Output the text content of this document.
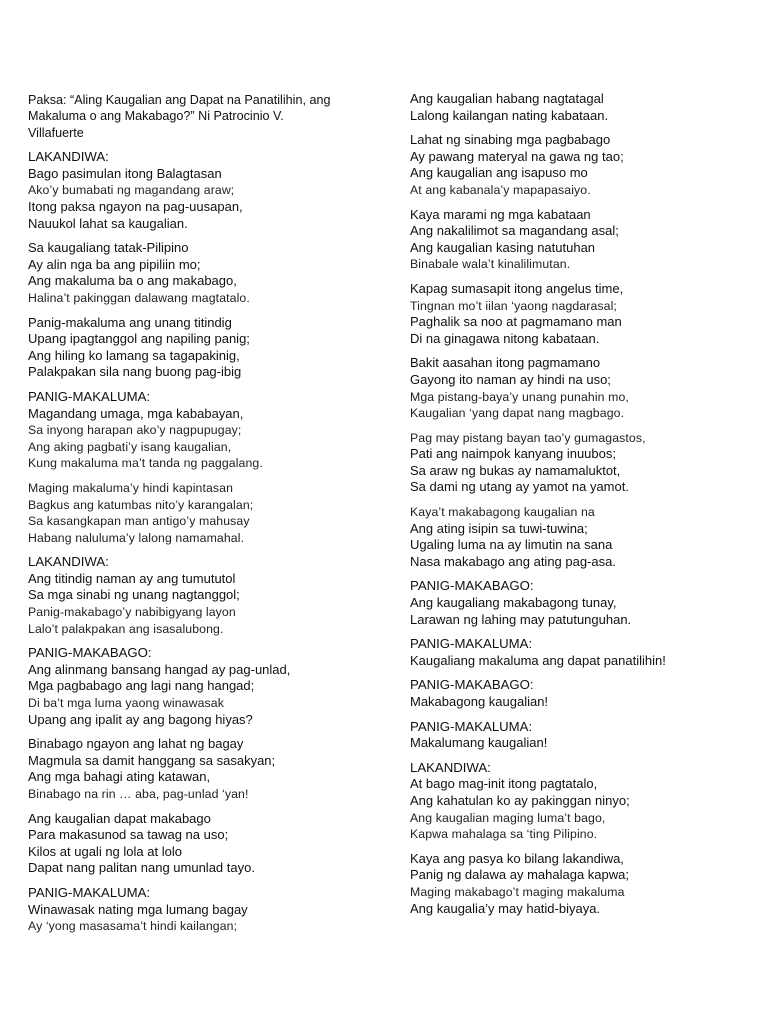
Paksa: “Aling Kaugalian ang Dapat na Panatilihin, ang

Makaluma o ang Makabago?” Ni Patrocinio V.

Villafuerte

LAKANDIWA:

Bago pasimulan itong Balagtasan

Ako’y bumabati ng magandang araw;

Itong paksa ngayon na pag-uusapan,

Nauukol lahat sa kaugalian.

Sa kaugaliang tatak-Pilipino

Ay alin nga ba ang pipiliin mo;

Ang makaluma ba o ang makabago,

Halina’t pakinggan dalawang magtatalo.

Panig-makaluma ang unang titindig

Upang ipagtanggol ang napiling panig;

Ang hiling ko lamang sa tagapakinig,

Palakpakan sila nang buong pag-ibig

PANIG-MAKALUMA:

Magandang umaga, mga kababayan,

Sa inyong harapan ako’y nagpupugay;

Ang aking pagbati’y isang kaugalian,

Kung makaluma ma’t tanda ng paggalang.

Maging makaluma’y hindi kapintasan

Bagkus ang katumbas nito’y karangalan;

Sa kasangkapan man antigo’y mahusay

Habang naluluma’y lalong namamahal.

LAKANDIWA:

Ang titindig naman ay ang tumututol

Sa mga sinabi ng unang nagtanggol;

Panig-makabago’y nabibigyang layon

Lalo’t palakpakan ang isasalubong.

PANIG-MAKABAGO:

Ang alinmang bansang hangad ay pag-unlad,

Mga pagbabago ang lagi nang hangad;

Di ba’t mga luma yaong winawasak

Upang ang ipalit ay ang bagong hiyas?

Binabago ngayon ang lahat ng bagay

Magmula sa damit hanggang sa sasakyan;

Ang mga bahagi ating katawan,

Binabago na rin … aba, pag-unlad ‘yan!

Ang kaugalian dapat makabago

Para makasunod sa tawag na uso;

Kilos at ugali ng lola at lolo

Dapat nang palitan nang umunlad tayo.

PANIG-MAKALUMA:

Winawasak nating mga lumang bagay

Ay ‘yong masasama’t hindi kailangan;

Ang kaugalian habang nagtatagal

Lalong kailangan nating kabataan.

Lahat ng sinabing mga pagbabago

Ay pawang materyal na gawa ng tao;

Ang kaugalian ang isapuso mo

At ang kabanala’y mapapasaiyo.

Kaya marami ng mga kabataan

Ang nakalilimot sa magandang asal;

Ang kaugalian kasing natutuhan

Binabale wala’t kinalilimutan.

Kapag sumasapit itong angelus time,

Tingnan mo’t iilan ‘yaong nagdarasal;

Paghalik sa noo at pagmamano man

Di na ginagawa nitong kabataan.

Bakit aasahan itong pagmamano

Gayong ito naman ay hindi na uso;

Mga pistang-baya’y unang punahin mo,

Kaugalian ‘yang dapat nang magbago.

Pag may pistang bayan tao’y gumagastos,

Pati ang naimpok kanyang inuubos;

Sa araw ng bukas ay namamaluktot,

Sa dami ng utang ay yamot na yamot.

Kaya’t makabagong kaugalian na

Ang ating isipin sa tuwi-tuwina;

Ugaling luma na ay limutin na sana

Nasa makabago ang ating pag-asa.

PANIG-MAKABAGO:

Ang kaugaliang makabagong tunay,

Larawan ng lahing may patutunguhan.

PANIG-MAKALUMA:

Kaugaliang makaluma ang dapat panatilihin!

PANIG-MAKABAGO:

Makabagong kaugalian!

PANIG-MAKALUMA:

Makalumang kaugalian!

LAKANDIWA:

At bago mag-init itong pagtatalo,

Ang kahatulan ko ay pakinggan ninyo;

Ang kaugalian maging luma’t bago,

Kapwa mahalaga sa ‘ting Pilipino.

Kaya ang pasya ko bilang lakandiwa,

Panig ng dalawa ay mahalaga kapwa;

Maging makabago’t maging makaluma

Ang kaugalia’y may hatid-biyaya.
